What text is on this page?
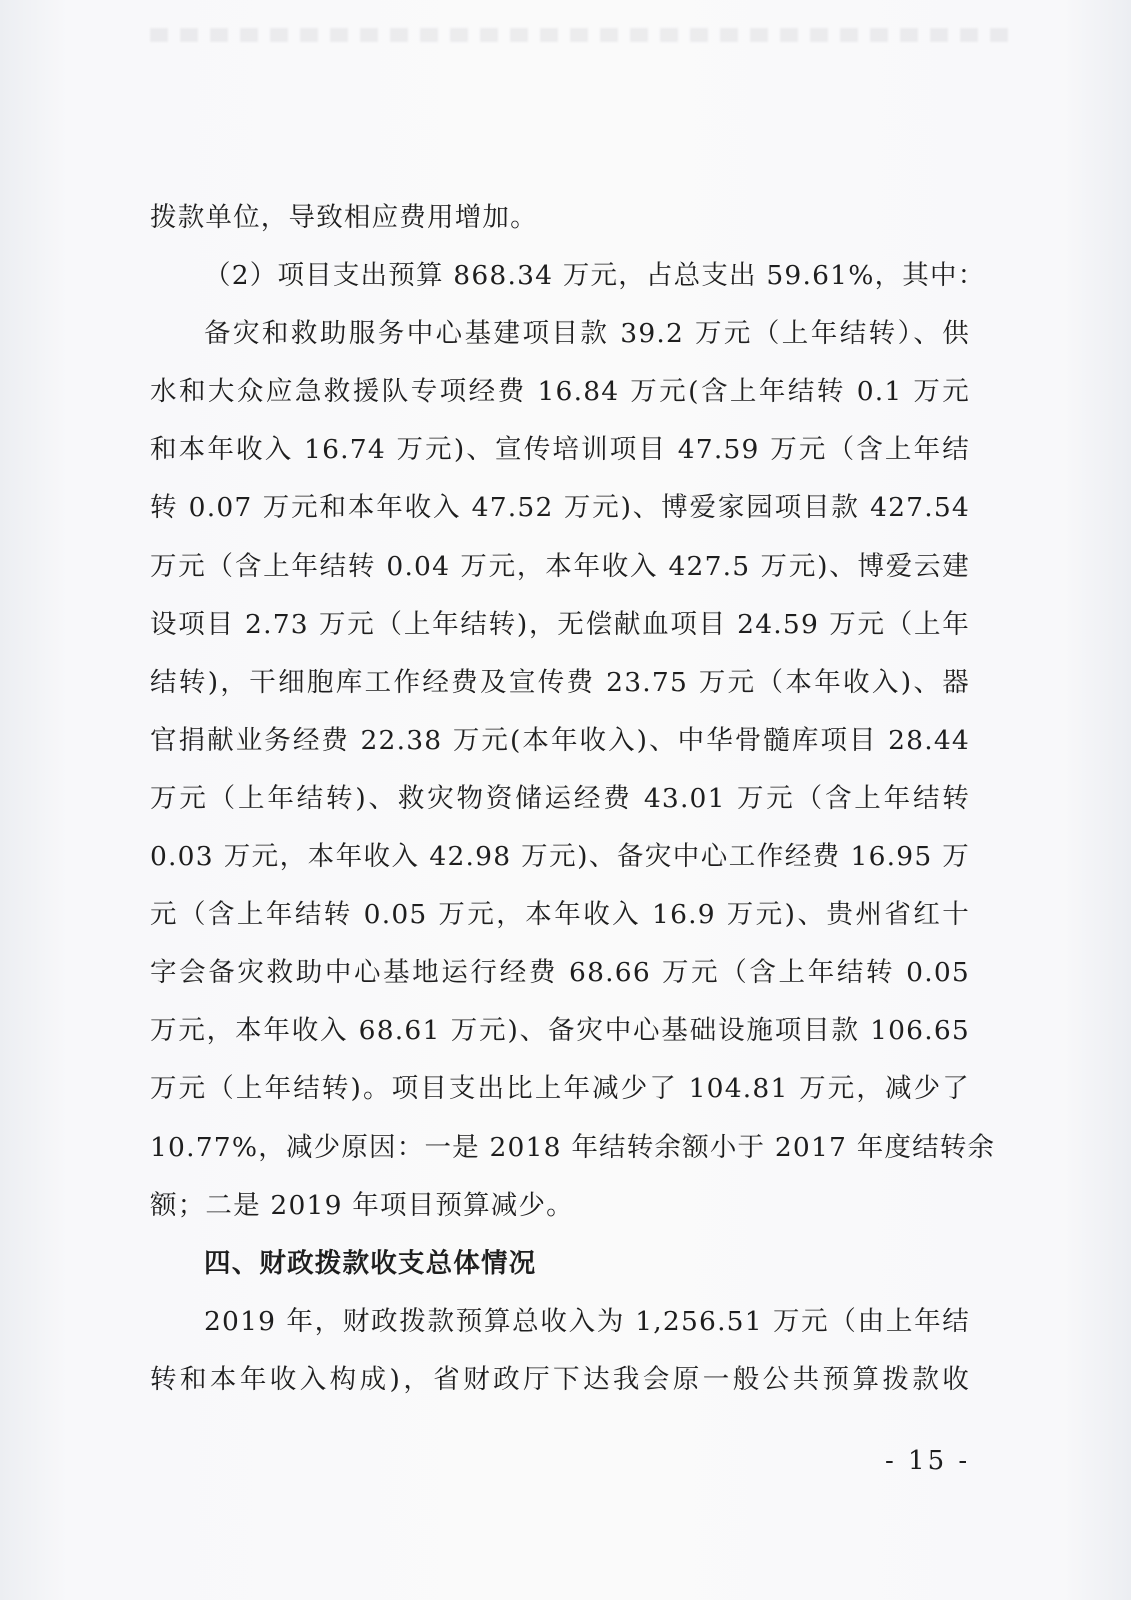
拨款单位，导致相应费用增加。
（2）项目支出预算 868.34 万元，占总支出 59.61%，其中：
备灾和救助服务中心基建项目款 39.2 万元（上年结转）、供
水和大众应急救援队专项经费 16.84 万元(含上年结转 0.1 万元
和本年收入 16.74 万元)、宣传培训项目 47.59 万元（含上年结
转 0.07 万元和本年收入 47.52 万元)、博爱家园项目款 427.54
万元（含上年结转 0.04 万元，本年收入 427.5 万元)、博爱云建
设项目 2.73 万元（上年结转)，无偿献血项目 24.59 万元（上年
结转)，干细胞库工作经费及宣传费 23.75 万元（本年收入)、器
官捐献业务经费 22.38 万元(本年收入)、中华骨髓库项目 28.44
万元（上年结转)、救灾物资储运经费 43.01 万元（含上年结转
0.03 万元，本年收入 42.98 万元)、备灾中心工作经费 16.95 万
元（含上年结转 0.05 万元，本年收入 16.9 万元)、贵州省红十
字会备灾救助中心基地运行经费 68.66 万元（含上年结转 0.05
万元，本年收入 68.61 万元)、备灾中心基础设施项目款 106.65
万元（上年结转)。项目支出比上年减少了 104.81 万元，减少了
10.77%，减少原因：一是 2018 年结转余额小于 2017 年度结转余
额；二是 2019 年项目预算减少。
四、财政拨款收支总体情况
2019 年，财政拨款预算总收入为 1,256.51 万元（由上年结
转和本年收入构成)，省财政厅下达我会原一般公共预算拨款收
- 15 -
